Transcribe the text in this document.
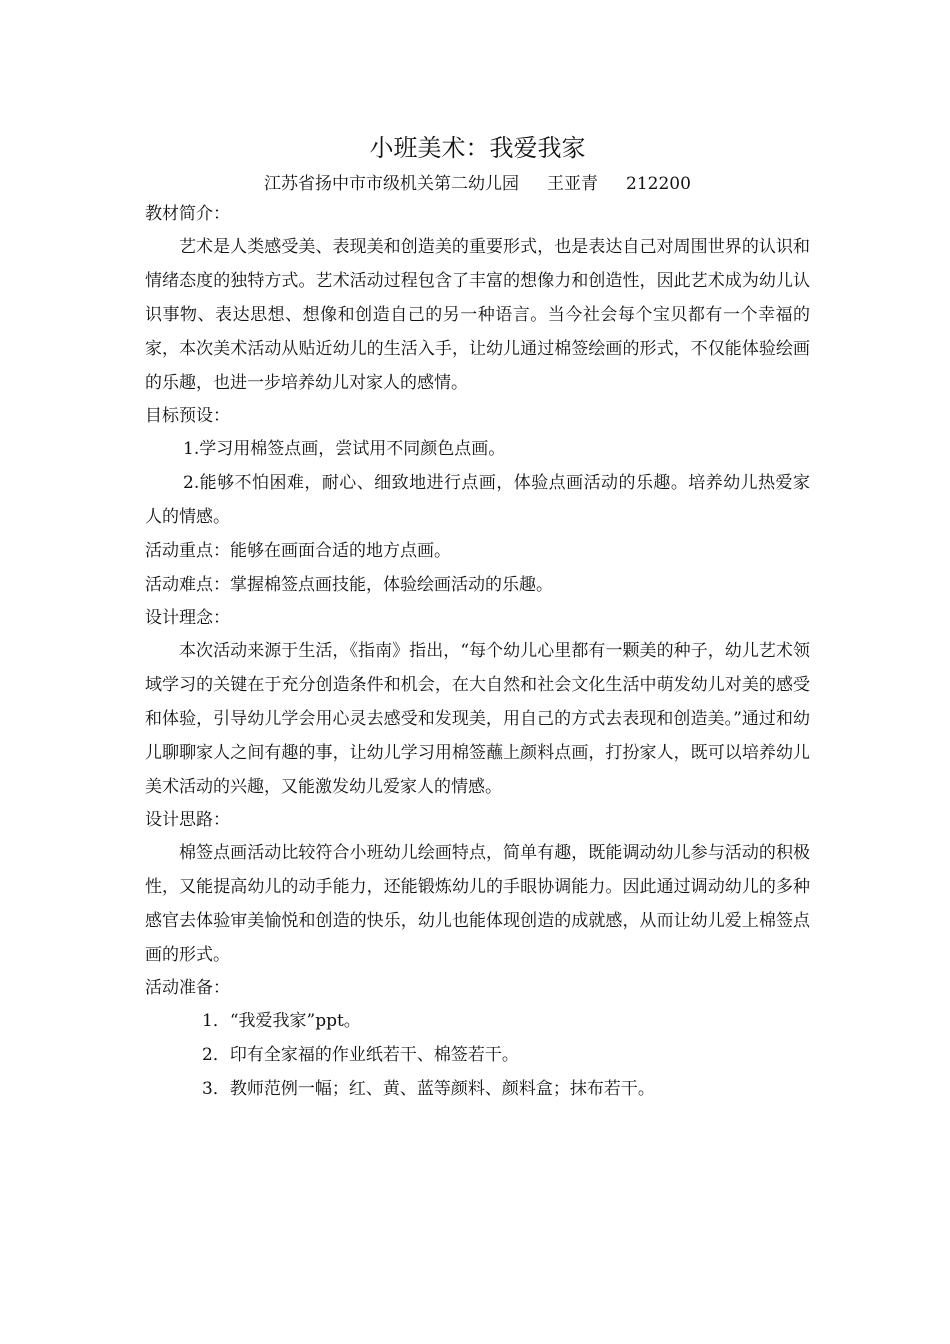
小班美术：我爱我家
江苏省扬中市市级机关第二幼儿园 王亚青 212200
教材简介：

艺术是人类感受美、表现美和创造美的重要形式，也是表达自己对周围世界的认识和情绪态度的独特方式。艺术活动过程包含了丰富的想像力和创造性，因此艺术成为幼儿认识事物、表达思想、想像和创造自己的另一种语言。当今社会每个宝贝都有一个幸福的家，本次美术活动从贴近幼儿的生活入手，让幼儿通过棉签绘画的形式，不仅能体验绘画的乐趣，也进一步培养幼儿对家人的感情。

目标预设：

1.学习用棉签点画，尝试用不同颜色点画。

2.能够不怕困难，耐心、细致地进行点画，体验点画活动的乐趣。培养幼儿热爱家人的情感。

活动重点：能够在画面合适的地方点画。
活动难点：掌握棉签点画技能，体验绘画活动的乐趣。
设计理念：

本次活动来源于生活，《指南》指出，“每个幼儿心里都有一颗美的种子，幼儿艺术领域学习的关键在于充分创造条件和机会，在大自然和社会文化生活中萌发幼儿对美的感受和体验，引导幼儿学会用心灵去感受和发现美，用自己的方式去表现和创造美。”通过和幼儿聊聊家人之间有趣的事，让幼儿学习用棉签蘸上颜料点画，打扮家人，既可以培养幼儿美术活动的兴趣，又能激发幼儿爱家人的情感。

设计思路：

棉签点画活动比较符合小班幼儿绘画特点，简单有趣，既能调动幼儿参与活动的积极性，又能提高幼儿的动手能力，还能锻炼幼儿的手眼协调能力。因此通过调动幼儿的多种感官去体验审美愉悦和创造的快乐，幼儿也能体现创造的成就感，从而让幼儿爱上棉签点画的形式。

活动准备：
1．“我爱我家”ppt。
2．印有全家福的作业纸若干、棉签若干。
3．教师范例一幅；红、黄、蓝等颜料、颜料盒；抹布若干。
